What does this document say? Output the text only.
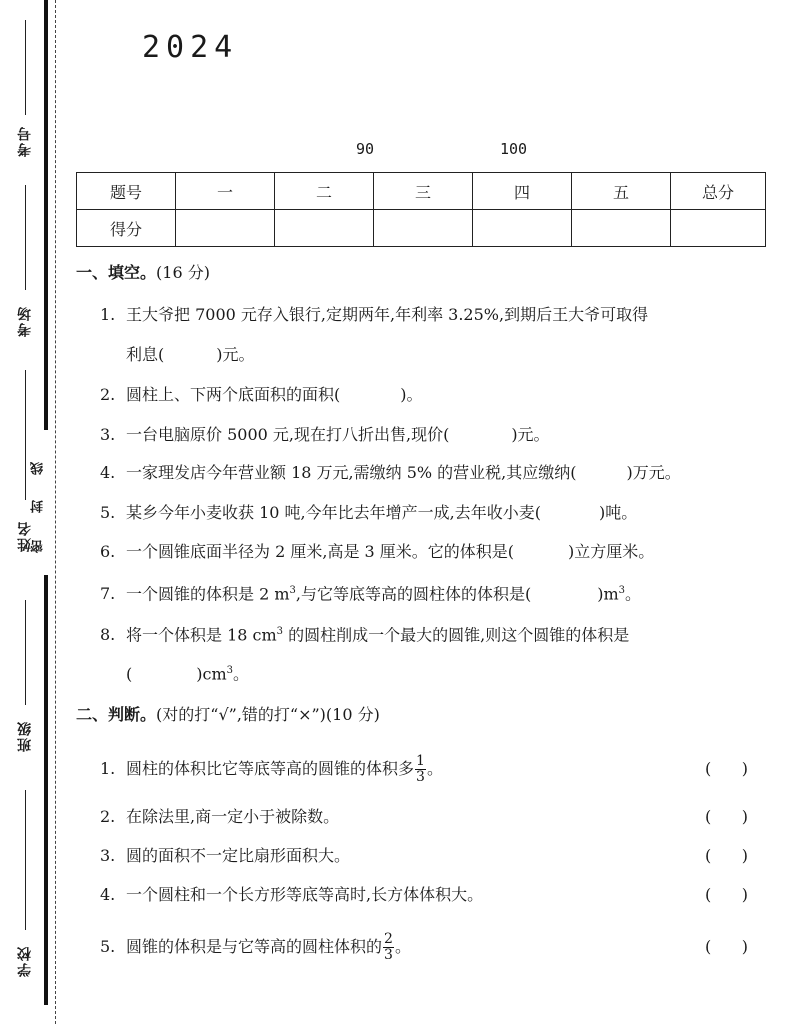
考号
考场
姓名
班级
学校
密
封
线
2024
90	100
题号	一	二	三	四	五	总分
得分						
一、填空。(16 分)
1. 王大爷把 7000 元存入银行,定期两年,年利率 3.25%,到期后王大爷可取得
利息(	)元。
2. 圆柱上、下两个底面积的面积(	)。
3. 一台电脑原价 5000 元,现在打八折出售,现价(	)元。
4. 一家理发店今年营业额 18 万元,需缴纳 5% 的营业税,其应缴纳(	)万元。
5. 某乡今年小麦收获 10 吨,今年比去年增产一成,去年收小麦(	)吨。
6. 一个圆锥底面半径为 2 厘米,高是 3 厘米。它的体积是(	)立方厘米。
7. 一个圆锥的体积是 2 $m^3$,与它等底等高的圆柱体的体积是(	)$m^3$。
8. 将一个体积是 18 $cm^3$ 的圆柱削成一个最大的圆锥,则这个圆锥的体积是
(	)$cm^3$。
二、判断。(对的打“√”,错的打“×”)(10 分)
1. 圆柱的体积比它等底等高的圆锥的体积多 $\frac{1}{3}$ 。	(      )
2. 在除法里,商一定小于被除数。	(      )
3. 圆的面积不一定比扇形面积大。	(      )
4. 一个圆柱和一个长方形等底等高时,长方体体积大。	(      )
5. 圆锥的体积是与它等高的圆柱体积的 $\frac{2}{3}$ 。	(      )
